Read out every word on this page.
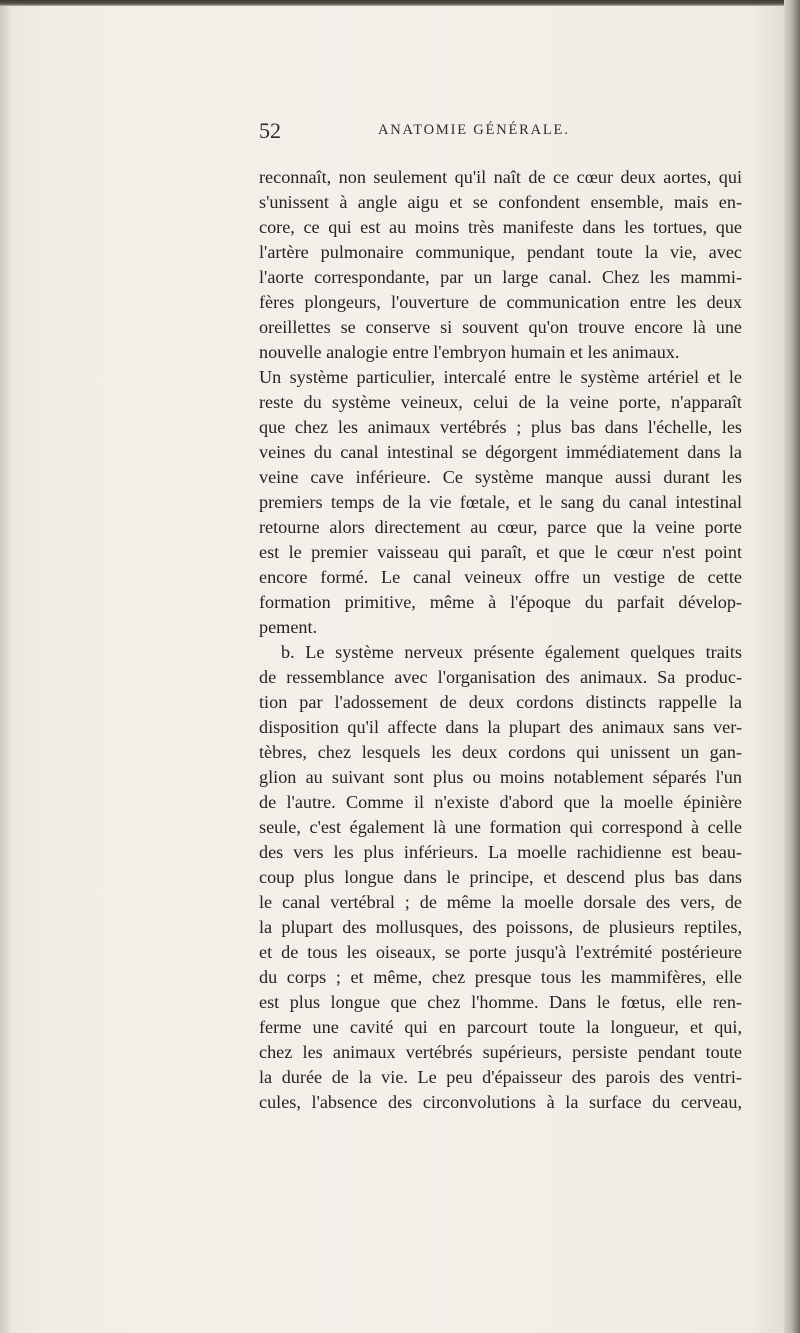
52	ANATOMIE GÉNÉRALE.
reconnaît, non seulement qu'il naît de ce cœur deux aortes, qui
s'unissent à angle aigu et se confondent ensemble, mais en-
core, ce qui est au moins très manifeste dans les tortues, que
l'artère pulmonaire communique, pendant toute la vie, avec
l'aorte correspondante, par un large canal. Chez les mammi-
fères plongeurs, l'ouverture de communication entre les deux
oreillettes se conserve si souvent qu'on trouve encore là une
nouvelle analogie entre l'embryon humain et les animaux.
Un système particulier, intercalé entre le système artériel et le
reste du système veineux, celui de la veine porte, n'apparaît
que chez les animaux vertébrés ; plus bas dans l'échelle, les
veines du canal intestinal se dégorgent immédiatement dans la
veine cave inférieure. Ce système manque aussi durant les
premiers temps de la vie fœtale, et le sang du canal intestinal
retourne alors directement au cœur, parce que la veine porte
est le premier vaisseau qui paraît, et que le cœur n'est point
encore formé. Le canal veineux offre un vestige de cette
formation primitive, même à l'époque du parfait dévelop-
pement.
b. Le système nerveux présente également quelques traits
de ressemblance avec l'organisation des animaux. Sa produc-
tion par l'adossement de deux cordons distincts rappelle la
disposition qu'il affecte dans la plupart des animaux sans ver-
tèbres, chez lesquels les deux cordons qui unissent un gan-
glion au suivant sont plus ou moins notablement séparés l'un
de l'autre. Comme il n'existe d'abord que la moelle épinière
seule, c'est également là une formation qui correspond à celle
des vers les plus inférieurs. La moelle rachidienne est beau-
coup plus longue dans le principe, et descend plus bas dans
le canal vertébral ; de même la moelle dorsale des vers, de
la plupart des mollusques, des poissons, de plusieurs reptiles,
et de tous les oiseaux, se porte jusqu'à l'extrémité postérieure
du corps ; et même, chez presque tous les mammifères, elle
est plus longue que chez l'homme. Dans le fœtus, elle ren-
ferme une cavité qui en parcourt toute la longueur, et qui,
chez les animaux vertébrés supérieurs, persiste pendant toute
la durée de la vie. Le peu d'épaisseur des parois des ventri-
cules, l'absence des circonvolutions à la surface du cerveau,
